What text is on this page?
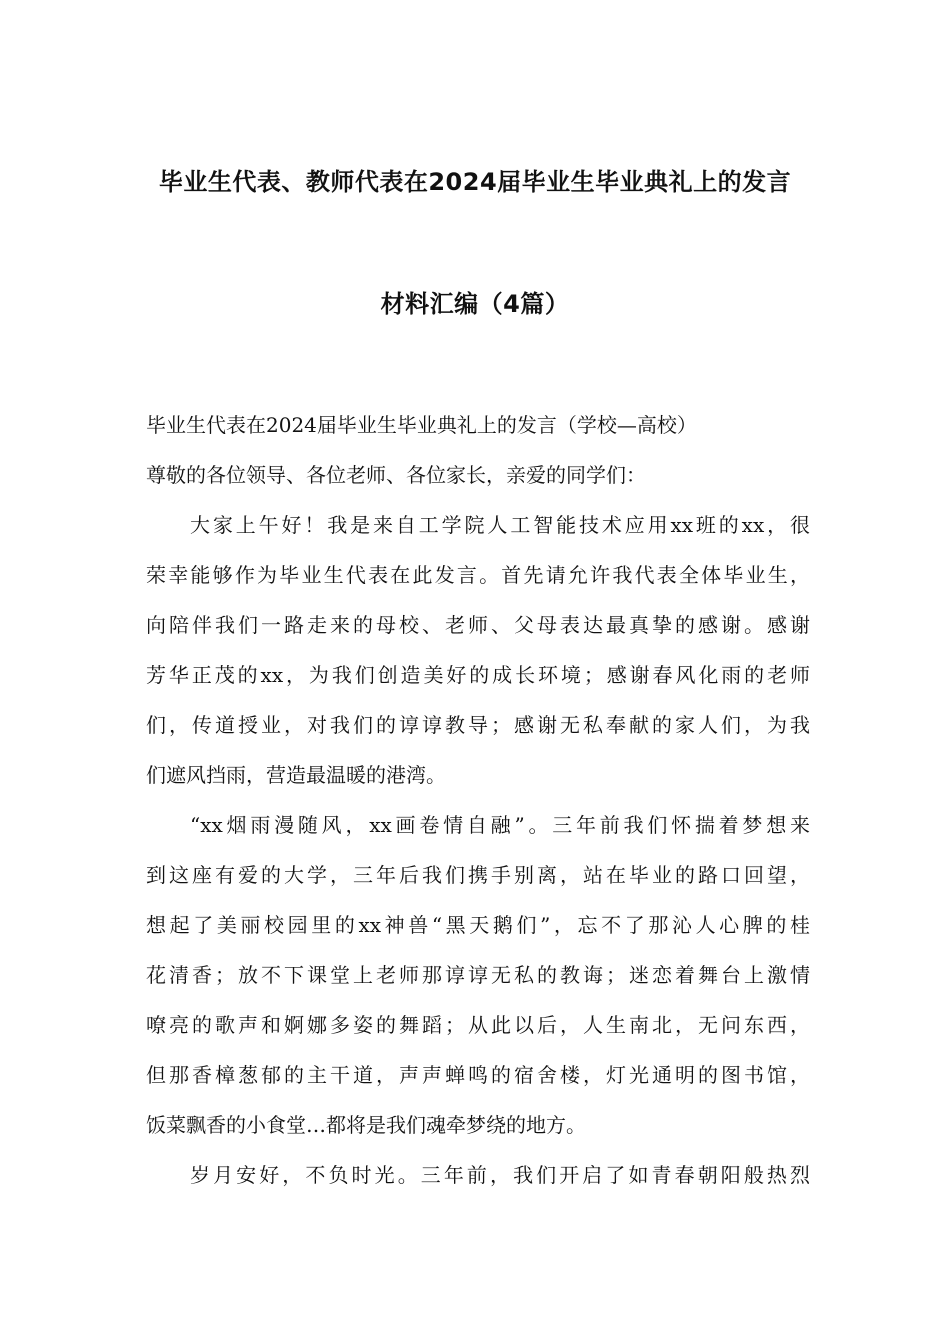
毕业生代表、教师代表在2024届毕业生毕业典礼上的发言
材料汇编（4篇）
毕业生代表在2024届毕业生毕业典礼上的发言（学校—高校）
尊敬的各位领导、各位老师、各位家长，亲爱的同学们：
大家上午好！我是来自工学院人工智能技术应用xx班的xx，很
荣幸能够作为毕业生代表在此发言。首先请允许我代表全体毕业生，
向陪伴我们一路走来的母校、老师、父母表达最真挚的感谢。感谢
芳华正茂的xx，为我们创造美好的成长环境；感谢春风化雨的老师
们，传道授业，对我们的谆谆教导；感谢无私奉献的家人们，为我
们遮风挡雨，营造最温暖的港湾。
“xx烟雨漫随风，xx画卷情自融”。三年前我们怀揣着梦想来
到这座有爱的大学，三年后我们携手别离，站在毕业的路口回望，
想起了美丽校园里的xx神兽“黑天鹅们”，忘不了那沁人心脾的桂
花清香；放不下课堂上老师那谆谆无私的教诲；迷恋着舞台上激情
嘹亮的歌声和婀娜多姿的舞蹈；从此以后，人生南北，无问东西，
但那香樟葱郁的主干道，声声蝉鸣的宿舍楼，灯光通明的图书馆，
饭菜飘香的小食堂…都将是我们魂牵梦绕的地方。
岁月安好，不负时光。三年前，我们开启了如青春朝阳般热烈
